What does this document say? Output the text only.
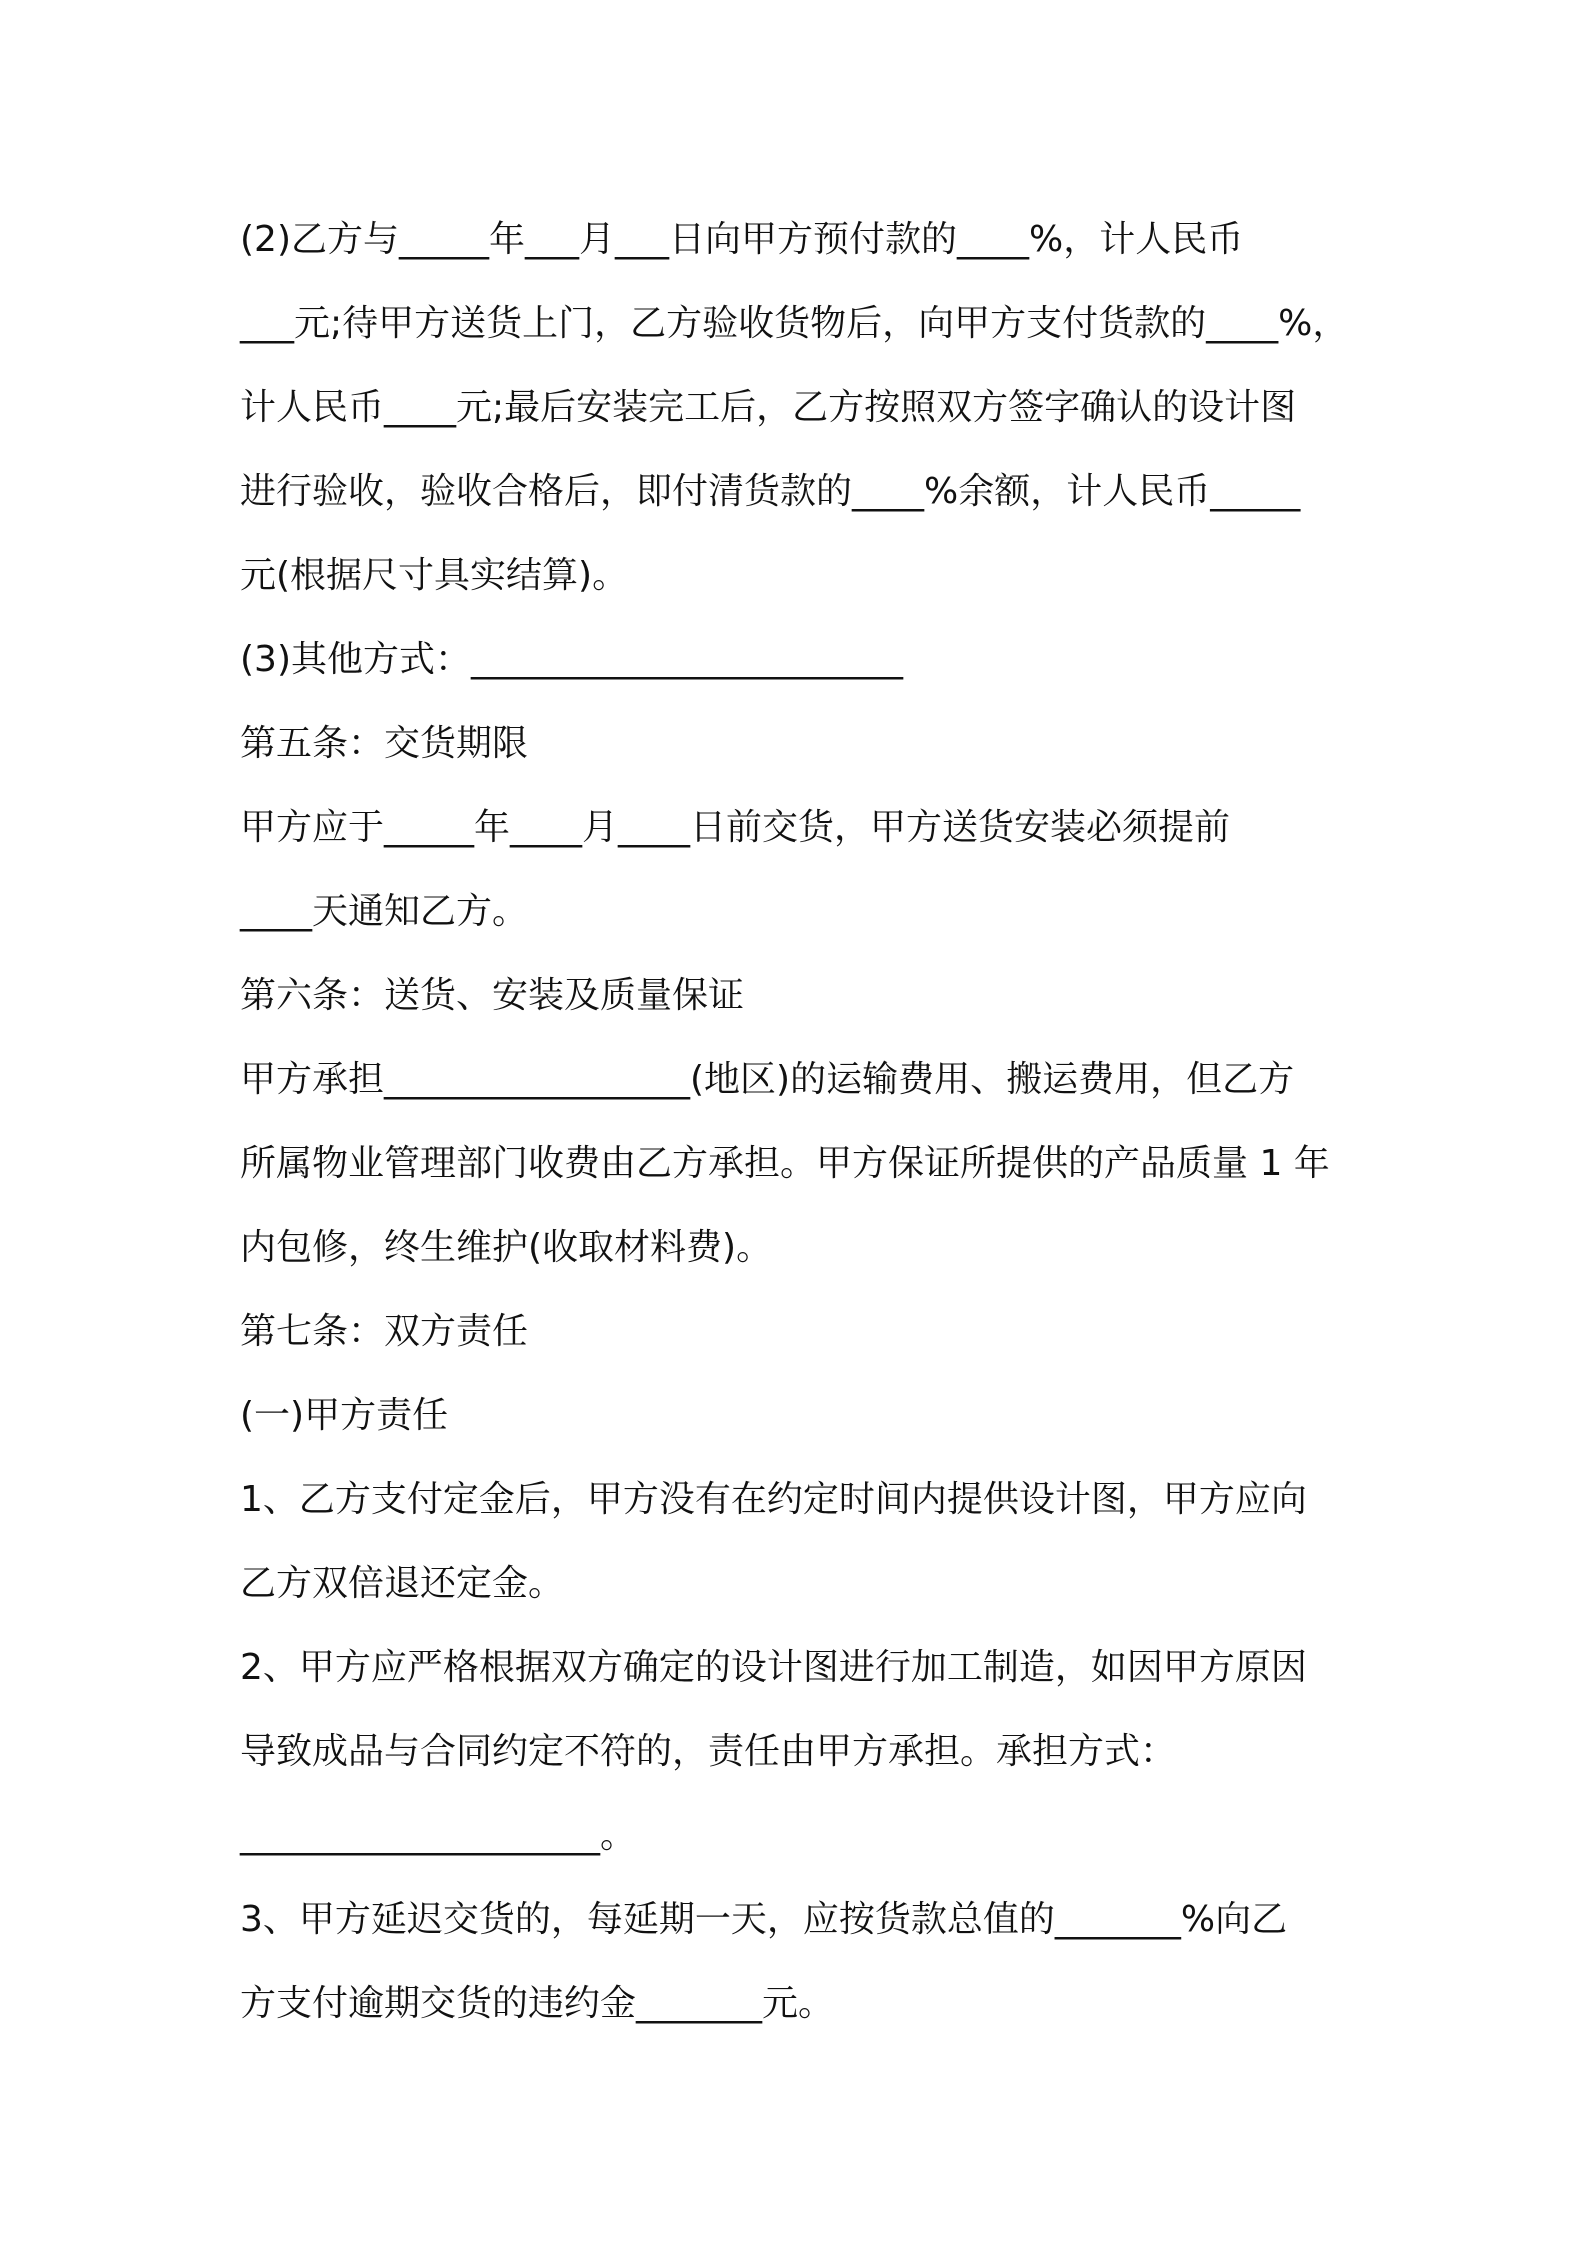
(2)乙方与_____年___月___日向甲方预付款的____%，计人民币
___元;待甲方送货上门，乙方验收货物后，向甲方支付货款的____%，
计人民币____元;最后安装完工后，乙方按照双方签字确认的设计图
进行验收，验收合格后，即付清货款的____%余额，计人民币_____
元(根据尺寸具实结算)。
(3)其他方式：________________________
第五条：交货期限
甲方应于_____年____月____日前交货，甲方送货安装必须提前
____天通知乙方。
第六条：送货、安装及质量保证
甲方承担_________________(地区)的运输费用、搬运费用，但乙方
所属物业管理部门收费由乙方承担。甲方保证所提供的产品质量 1 年
内包修，终生维护(收取材料费)。
第七条：双方责任
(一)甲方责任
1、乙方支付定金后，甲方没有在约定时间内提供设计图，甲方应向
乙方双倍退还定金。
2、甲方应严格根据双方确定的设计图进行加工制造，如因甲方原因
导致成品与合同约定不符的，责任由甲方承担。承担方式：
____________________。
3、甲方延迟交货的，每延期一天，应按货款总值的_______%向乙
方支付逾期交货的违约金_______元。
